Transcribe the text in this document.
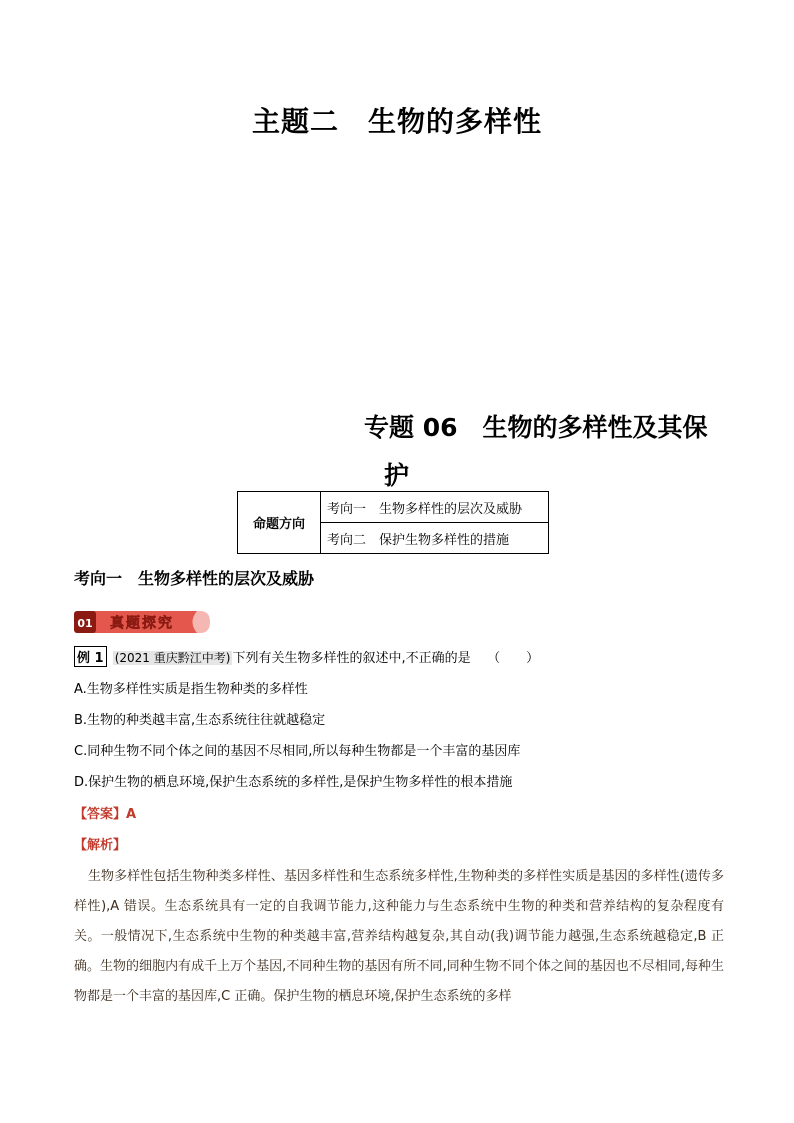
主题二　生物的多样性
专题 06　生物的多样性及其保
护
命题方向	考向一　生物多样性的层次及威胁
考向二　保护生物多样性的措施
考向一　生物多样性的层次及威胁
01 真题探究
例 1 (2021 重庆黔江中考) 下列有关生物多样性的叙述中,不正确的是 （　　）
A.生物多样性实质是指生物种类的多样性
B.生物的种类越丰富,生态系统往往就越稳定
C.同种生物不同个体之间的基因不尽相同,所以每种生物都是一个丰富的基因库
D.保护生物的栖息环境,保护生态系统的多样性,是保护生物多样性的根本措施
【答案】A
【解析】
生物多样性包括生物种类多样性、基因多样性和生态系统多样性,生物种类的多样性实质是基因的多样性(遗传多样性),A 错误。生态系统具有一定的自我调节能力,这种能力与生态系统中生物的种类和营养结构的复杂程度有关。一般情况下,生态系统中生物的种类越丰富,营养结构越复杂,其自动(我)调节能力越强,生态系统越稳定,B 正确。生物的细胞内有成千上万个基因,不同种生物的基因有所不同,同种生物不同个体之间的基因也不尽相同,每种生物都是一个丰富的基因库,C 正确。保护生物的栖息环境,保护生态系统的多样
